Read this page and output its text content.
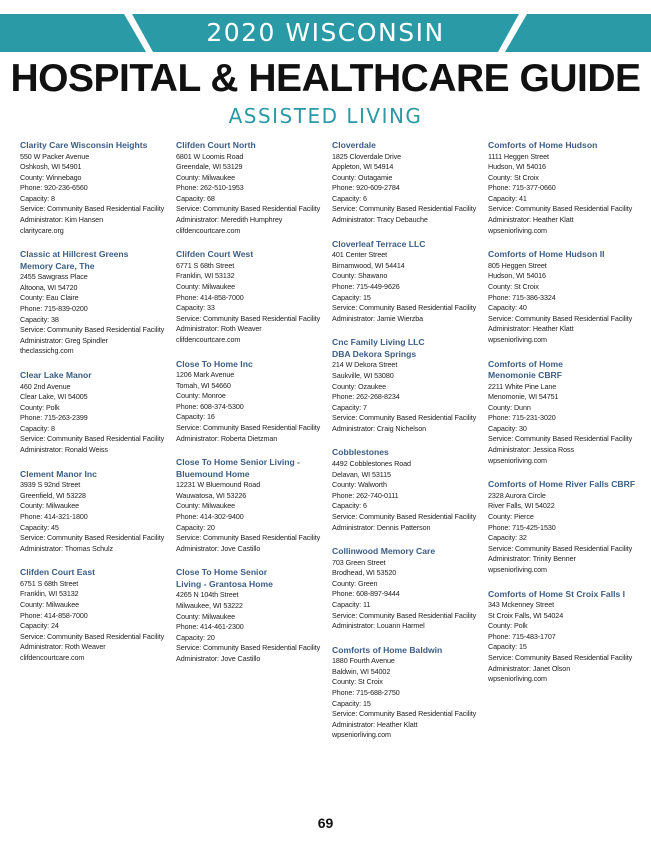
2020 WISCONSIN
HOSPITAL & HEALTHCARE GUIDE
ASSISTED LIVING
Clarity Care Wisconsin Heights
550 W Packer Avenue
Oshkosh, WI 54901
County: Winnebago
Phone: 920-236-6560
Capacity: 8
Service: Community Based Residential Facility
Administrator: Kim Hansen
claritycare.org
Classic at Hillcrest Greens
Memory Care, The
2455 Sawgrass Place
Altoona, WI 54720
County: Eau Claire
Phone: 715-839-0200
Capacity: 38
Service: Community Based Residential Facility
Administrator: Greg Spindler
theclassichg.com
Clear Lake Manor
460 2nd Avenue
Clear Lake, WI 54005
County: Polk
Phone: 715-263-2399
Capacity: 8
Service: Community Based Residential Facility
Administrator: Ronald Weiss
Clement Manor Inc
3939 S 92nd Street
Greenfield, WI 53228
County: Milwaukee
Phone: 414-321-1800
Capacity: 45
Service: Community Based Residential Facility
Administrator: Thomas Schulz
Clifden Court East
6751 S 68th Street
Franklin, WI 53132
County: Milwaukee
Phone: 414-858-7000
Capacity: 24
Service: Community Based Residential Facility
Administrator: Roth Weaver
clifdencourtcare.com
Clifden Court North
6801 W Loomis Road
Greendale, WI 53129
County: Milwaukee
Phone: 262-510-1953
Capacity: 68
Service: Community Based Residential Facility
Administrator: Meredith Humphrey
clifdencourtcare.com
Clifden Court West
6771 S 68th Street
Franklin, WI 53132
County: Milwaukee
Phone: 414-858-7000
Capacity: 33
Service: Community Based Residential Facility
Administrator: Roth Weaver
clifdencourtcare.com
Close To Home Inc
1206 Mark Avenue
Tomah, WI 54660
County: Monroe
Phone: 608-374-5300
Capacity: 16
Service: Community Based Residential Facility
Administrator: Roberta Dietzman
Close To Home Senior Living -
Bluemound Home
12231 W Bluemound Road
Wauwatosa, WI 53226
County: Milwaukee
Phone: 414-302-9400
Capacity: 20
Service: Community Based Residential Facility
Administrator: Jove Castillo
Close To Home Senior
Living - Grantosa Home
4265 N 104th Street
Milwaukee, WI 53222
County: Milwaukee
Phone: 414-461-2300
Capacity: 20
Service: Community Based Residential Facility
Administrator: Jove Castillo
Cloverdale
1825 Cloverdale Drive
Appleton, WI 54914
County: Outagamie
Phone: 920-609-2784
Capacity: 6
Service: Community Based Residential Facility
Administrator: Tracy Debauche
Cloverleaf Terrace LLC
401 Center Street
Birnamwood, WI 54414
County: Shawano
Phone: 715-449-9626
Capacity: 15
Service: Community Based Residential Facility
Administrator: Jamie Wierzba
Cnc Family Living LLC
DBA Dekora Springs
214 W Dekora Street
Saukville, WI 53080
County: Ozaukee
Phone: 262-268-8234
Capacity: 7
Service: Community Based Residential Facility
Administrator: Craig Nichelson
Cobblestones
4492 Cobblestones Road
Delavan, WI 53115
County: Walworth
Phone: 262-740-0111
Capacity: 6
Service: Community Based Residential Facility
Administrator: Dennis Patterson
Collinwood Memory Care
703 Green Street
Brodhead, WI 53520
County: Green
Phone: 608-897-9444
Capacity: 11
Service: Community Based Residential Facility
Administrator: Louann Harmel
Comforts of Home Baldwin
1880 Fourth Avenue
Baldwin, WI 54002
County: St Croix
Phone: 715-688-2750
Capacity: 15
Service: Community Based Residential Facility
Administrator: Heather Klatt
wpseniorliving.com
Comforts of Home Hudson
1111 Heggen Street
Hudson, WI 54016
County: St Croix
Phone: 715-377-0660
Capacity: 41
Service: Community Based Residential Facility
Administrator: Heather Klatt
wpseniorliving.com
Comforts of Home Hudson II
805 Heggen Street
Hudson, WI 54016
County: St Croix
Phone: 715-386-3324
Capacity: 40
Service: Community Based Residential Facility
Administrator: Heather Klatt
wpseniorliving.com
Comforts of Home
Menomonie CBRF
2211 White Pine Lane
Menomonie, WI 54751
County: Dunn
Phone: 715-231-3020
Capacity: 30
Service: Community Based Residential Facility
Administrator: Jessica Ross
wpseniorliving.com
Comforts of Home River Falls CBRF
2328 Aurora Circle
River Falls, WI 54022
County: Pierce
Phone: 715-425-1530
Capacity: 32
Service: Community Based Residential Facility
Administrator: Trinity Benner
wpseniorliving.com
Comforts of Home St Croix Falls I
343 Mckenney Street
St Croix Falls, WI 54024
County: Polk
Phone: 715-483-1707
Capacity: 15
Service: Community Based Residential Facility
Administrator: Janet Olson
wpseniorliving.com
69
